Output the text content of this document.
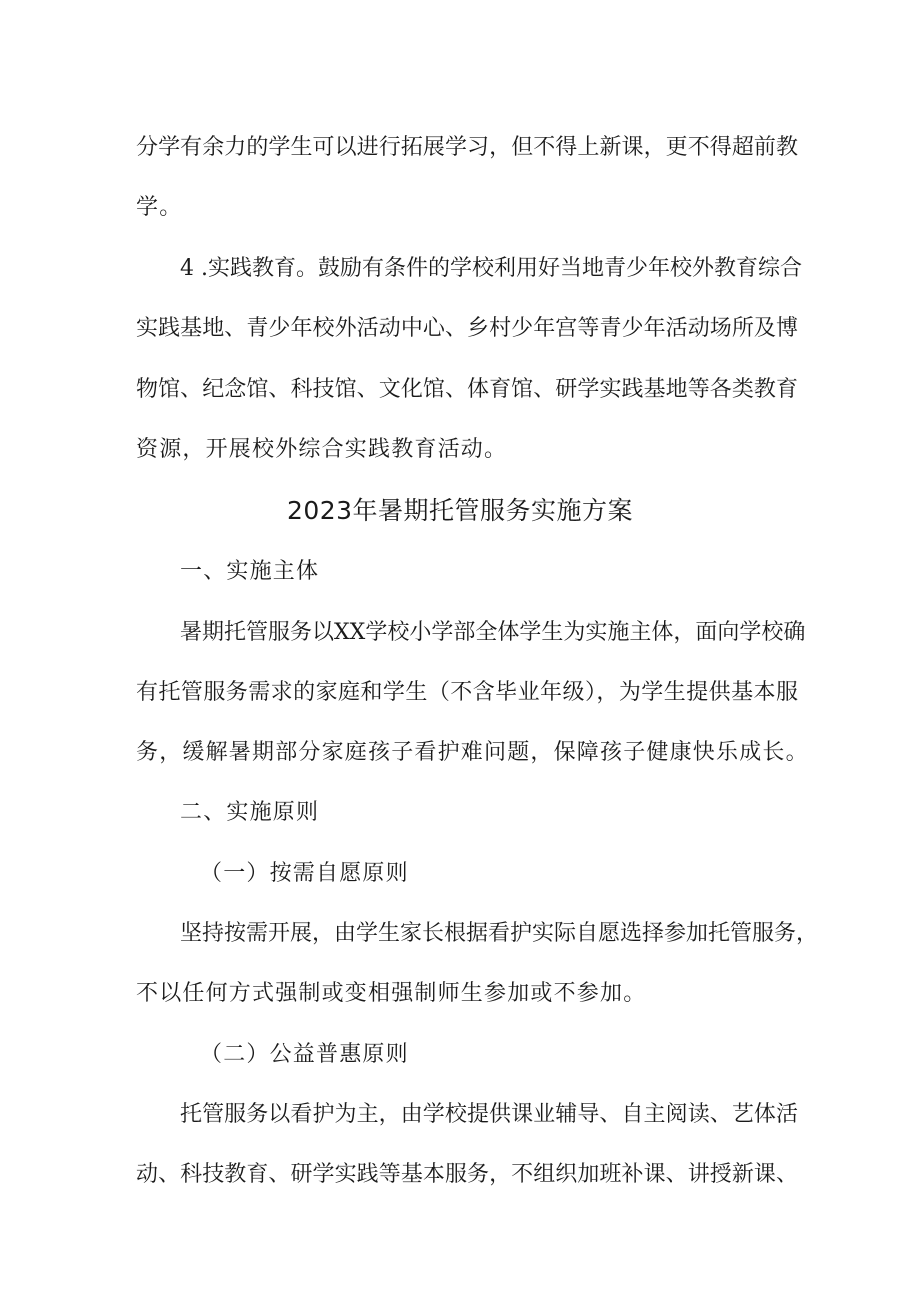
分学有余力的学生可以进行拓展学习，但不得上新课，更不得超前教
学。
4 .实践教育。鼓励有条件的学校利用好当地青少年校外教育综合
实践基地、青少年校外活动中心、乡村少年宫等青少年活动场所及博
物馆、纪念馆、科技馆、文化馆、体育馆、研学实践基地等各类教育
资源，开展校外综合实践教育活动。
2023年暑期托管服务实施方案
一、实施主体
暑期托管服务以XX学校小学部全体学生为实施主体，面向学校确
有托管服务需求的家庭和学生（不含毕业年级），为学生提供基本服
务，缓解暑期部分家庭孩子看护难问题，保障孩子健康快乐成长。
二、实施原则
（一）按需自愿原则
坚持按需开展，由学生家长根据看护实际自愿选择参加托管服务，
不以任何方式强制或变相强制师生参加或不参加。
（二）公益普惠原则
托管服务以看护为主，由学校提供课业辅导、自主阅读、艺体活
动、科技教育、研学实践等基本服务，不组织加班补课、讲授新课、
